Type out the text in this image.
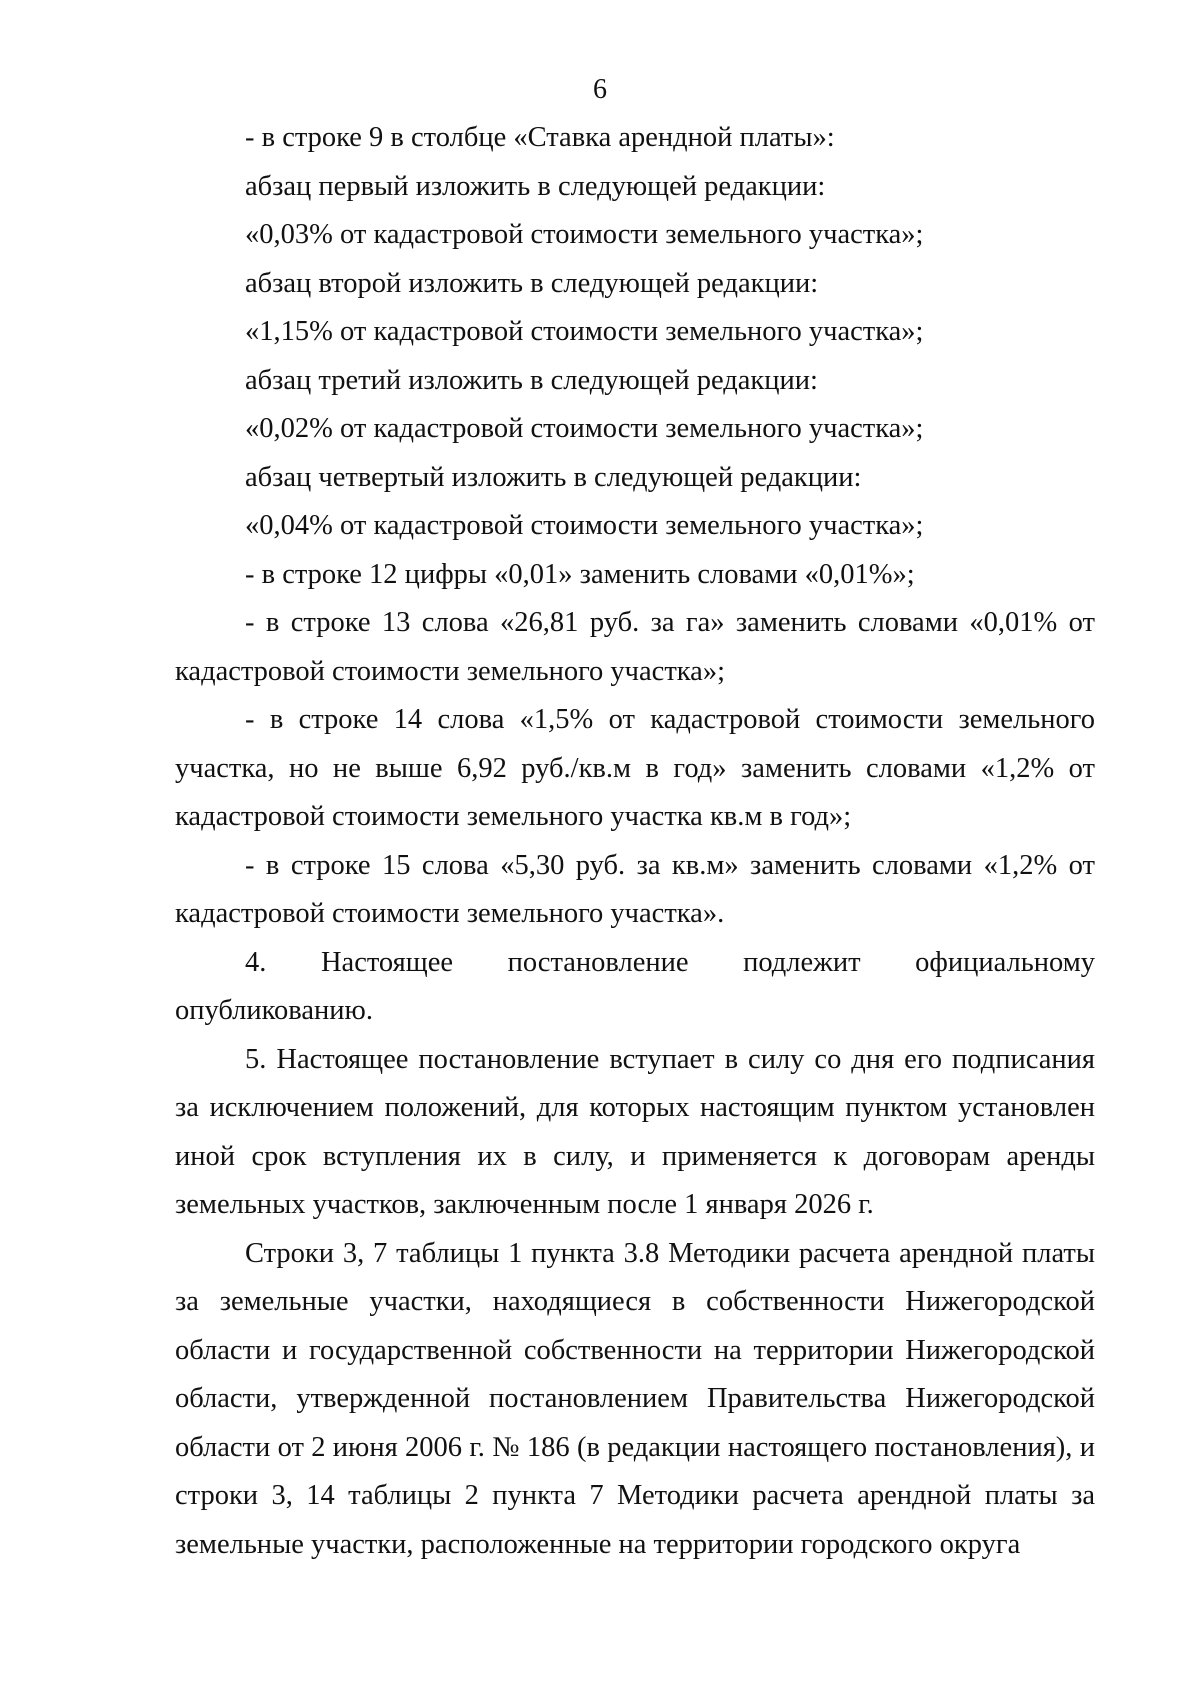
6

- в строке 9 в столбце «Ставка арендной платы»:

абзац первый изложить в следующей редакции:

«0,03% от кадастровой стоимости земельного участка»;

абзац второй изложить в следующей редакции:

«1,15% от кадастровой стоимости земельного участка»;

абзац третий изложить в следующей редакции:

«0,02% от кадастровой стоимости земельного участка»;

абзац четвертый изложить в следующей редакции:

«0,04% от кадастровой стоимости земельного участка»;

- в строке 12 цифры «0,01» заменить словами «0,01%»;

- в строке 13 слова «26,81 руб. за га» заменить словами «0,01% от кадастровой стоимости земельного участка»;

- в строке 14 слова «1,5% от кадастровой стоимости земельного участка, но не выше 6,92 руб./кв.м в год» заменить словами «1,2% от кадастровой стоимости земельного участка кв.м в год»;

- в строке 15 слова «5,30 руб. за кв.м» заменить словами «1,2% от кадастровой стоимости земельного участка».

4. Настоящее постановление подлежит официальному опубликованию.

5. Настоящее постановление вступает в силу со дня его подписания за исключением положений, для которых настоящим пунктом установлен иной срок вступления их в силу, и применяется к договорам аренды земельных участков, заключенным после 1 января 2026 г.

Строки 3, 7 таблицы 1 пункта 3.8 Методики расчета арендной платы за земельные участки, находящиеся в собственности Нижегородской области и государственной собственности на территории Нижегородской области, утвержденной постановлением Правительства Нижегородской области от 2 июня 2006 г. № 186 (в редакции настоящего постановления), и строки 3, 14 таблицы 2 пункта 7 Методики расчета арендной платы за земельные участки, расположенные на территории городского округа
